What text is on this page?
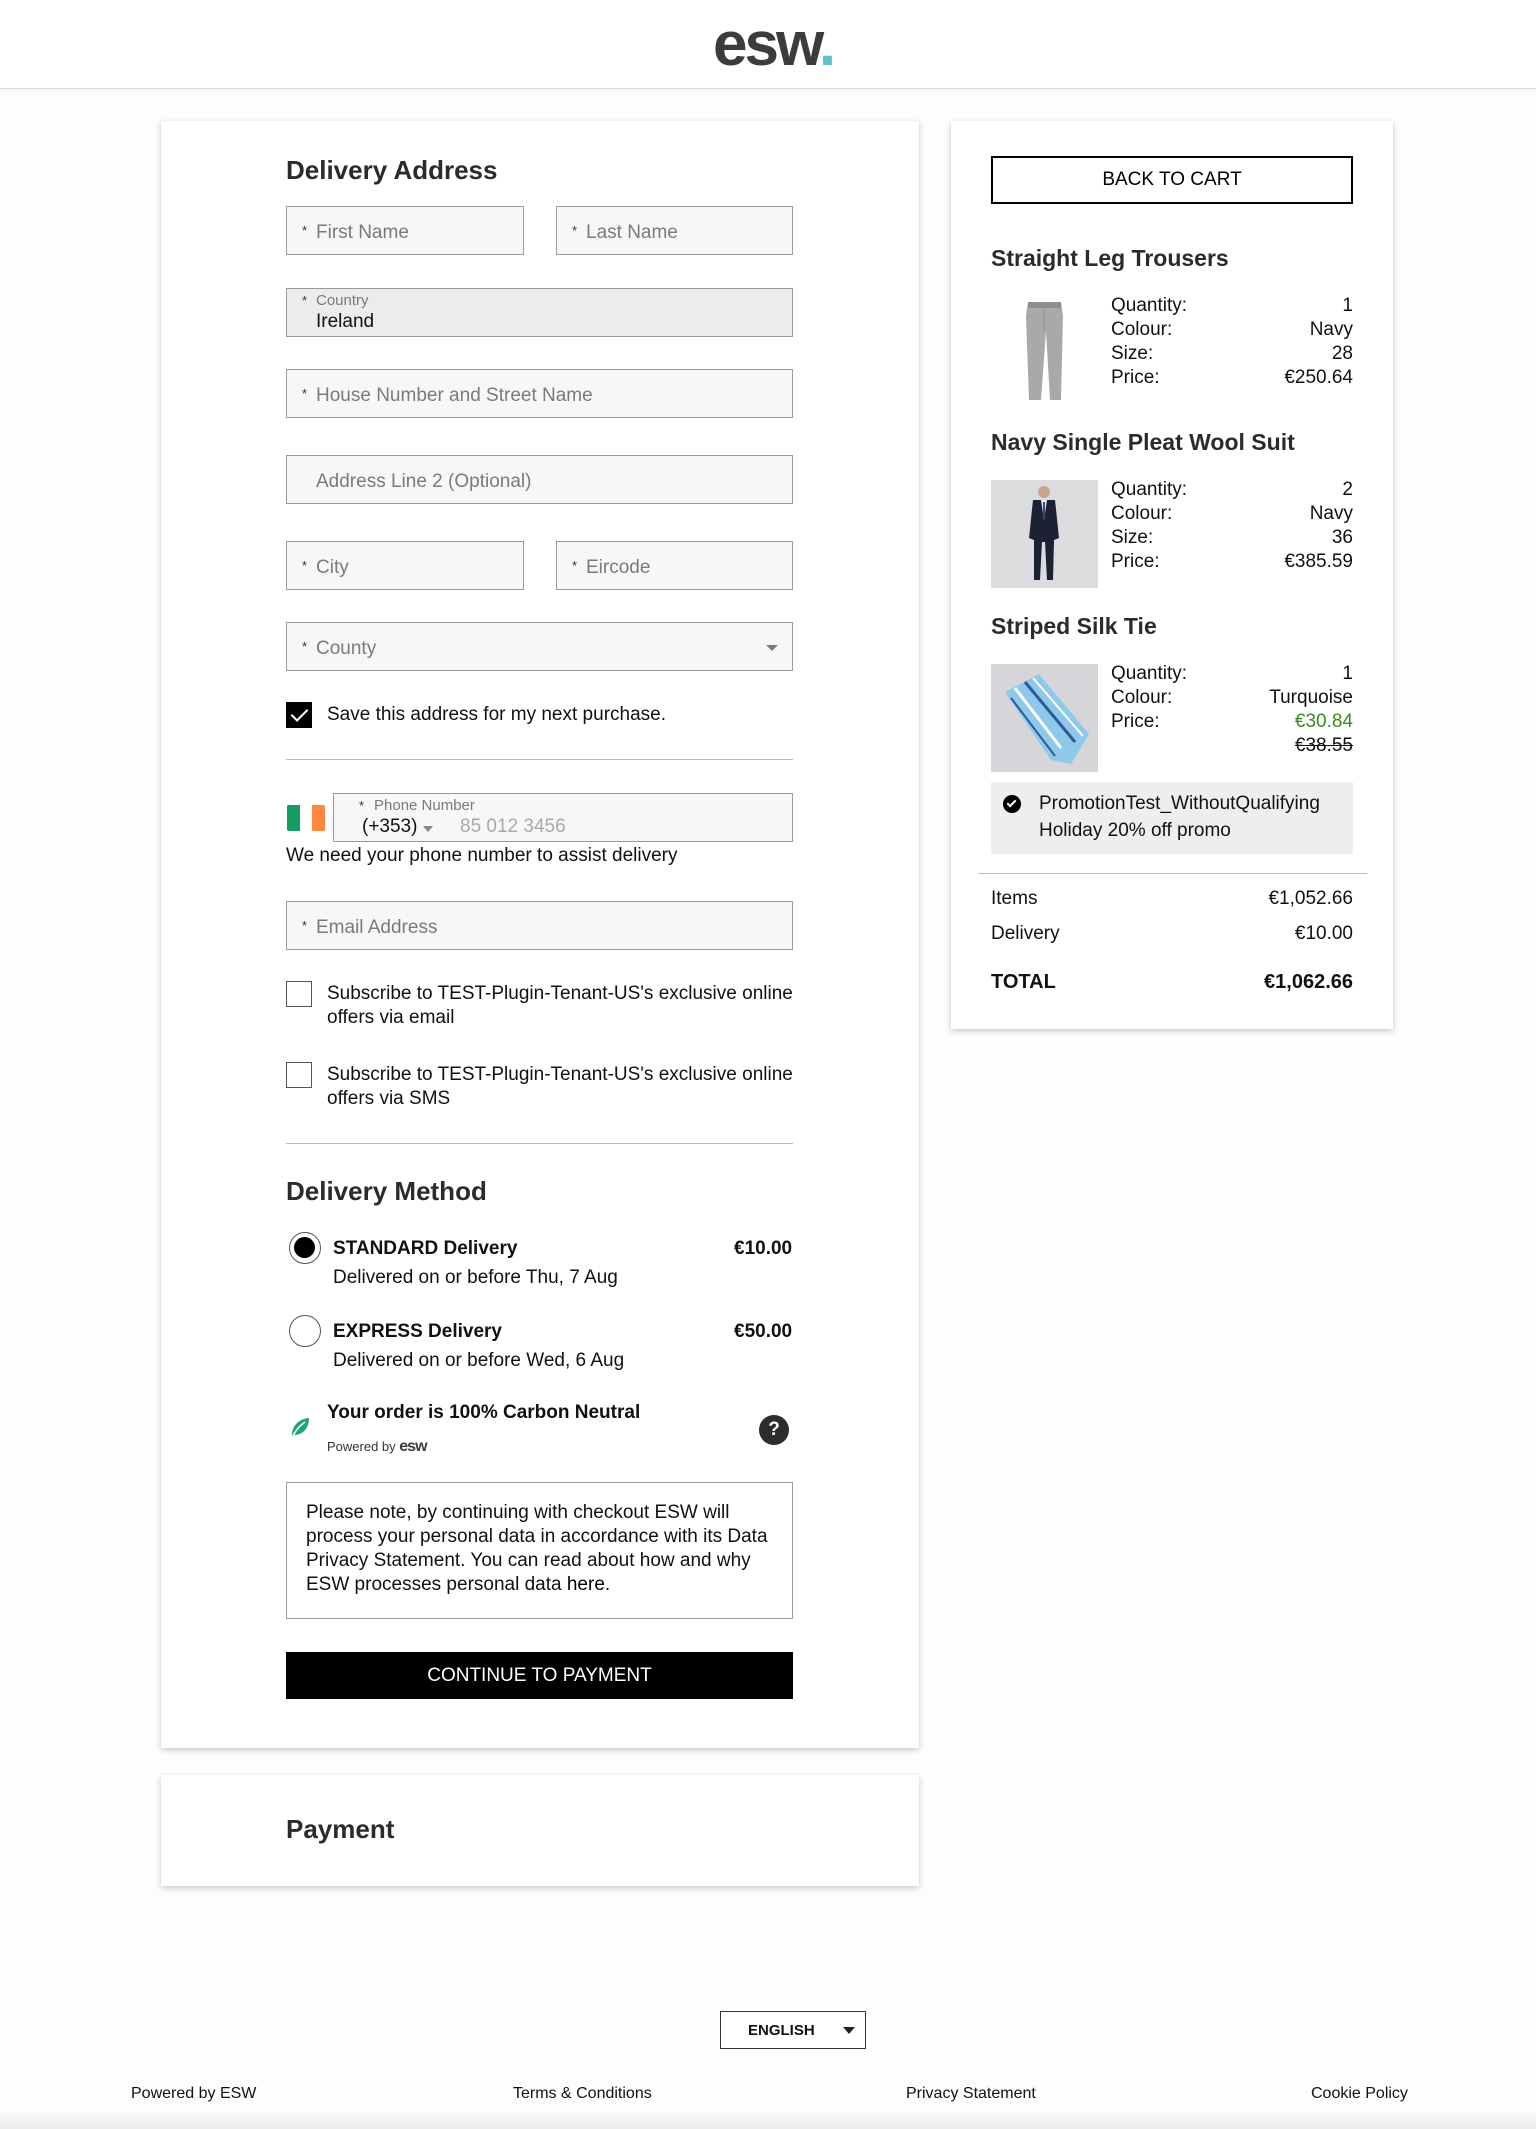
esw.
Delivery Address
* First Name	* Last Name
* Country
Ireland
* House Number and Street Name
Address Line 2 (Optional)
* City	* Eircode
* County
Save this address for my next purchase.
* Phone Number
(+353) 85 012 3456
We need your phone number to assist delivery
* Email Address
Subscribe to TEST-Plugin-Tenant-US's exclusive online
offers via email
Subscribe to TEST-Plugin-Tenant-US's exclusive online
offers via SMS
Delivery Method
STANDARD Delivery	€10.00
Delivered on or before Thu, 7 Aug
EXPRESS Delivery	€50.00
Delivered on or before Wed, 6 Aug
Your order is 100% Carbon Neutral
Powered by esw
?
Please note, by continuing with checkout ESW will
process your personal data in accordance with its Data
Privacy Statement. You can read about how and why
ESW processes personal data here.
CONTINUE TO PAYMENT
Payment
BACK TO CART
Straight Leg Trousers
Quantity:	1
Colour:	Navy
Size:	28
Price:	€250.64
Navy Single Pleat Wool Suit
Quantity:	2
Colour:	Navy
Size:	36
Price:	€385.59
Striped Silk Tie
Quantity:	1
Colour:	Turquoise
Price:	€30.84
€38.55
PromotionTest_WithoutQualifying
Holiday 20% off promo
Items	€1,052.66
Delivery	€10.00
TOTAL	€1,062.66
ENGLISH
Powered by ESW	Terms & Conditions	Privacy Statement	Cookie Policy
